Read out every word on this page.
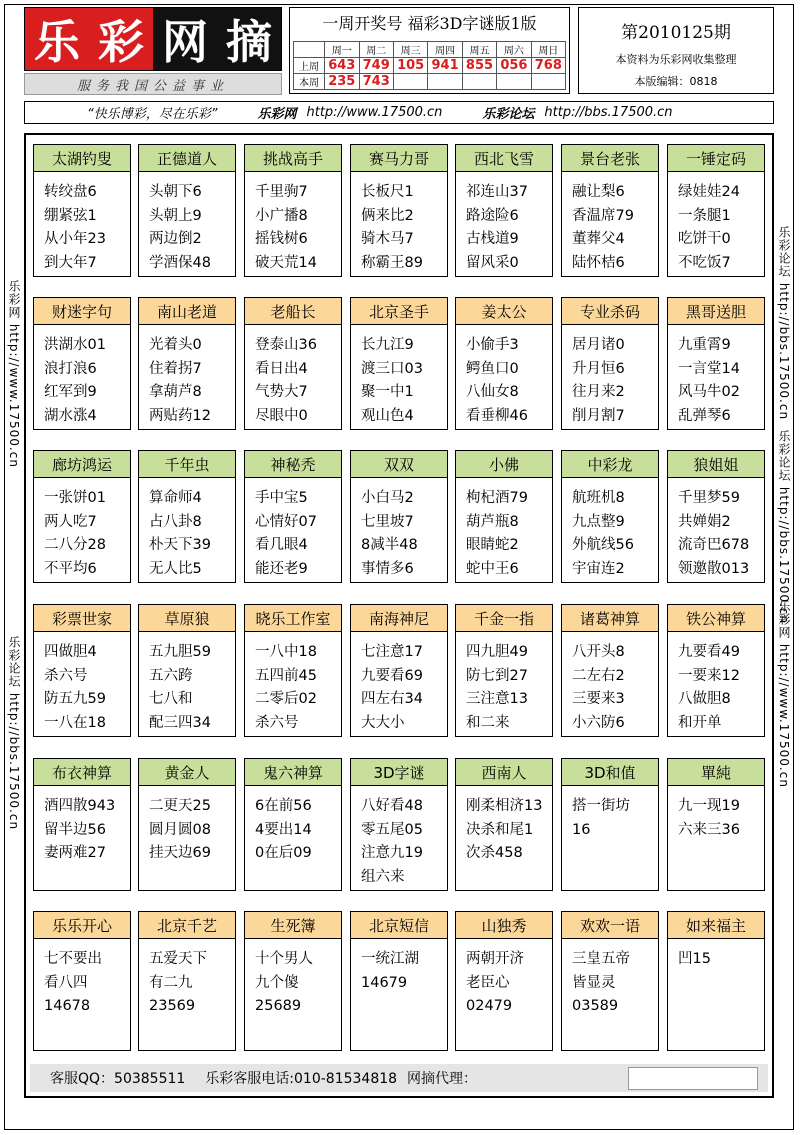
乐 彩 网 摘
服务我国公益事业
一周开奖号 福彩3D字谜版1版
周一	周二	周三	周四	周五	周六	周日
上周 643 749 105 941 855 056 768
本周 235 743
第2010125期
本资料为乐彩网收集整理
本版编辑：0818
“快乐博彩，尽在乐彩”	乐彩网 http://www.17500.cn	乐彩论坛 http://bbs.17500.cn
乐彩网 http://www.17500.cn
乐彩论坛 http://bbs.17500.cn
乐彩论坛 http://bbs.17500.cn
乐彩论坛 http://bbs.17500.cn
乐彩网 http://www.17500.cn
太湖钓叟
转绞盘6
绷紧弦1
从小年23
到大年7
正德道人
头朝下6
头朝上9
两边倒2
学酒保48
挑战高手
千里驹7
小广播8
摇钱树6
破天荒14
赛马力哥
长板尺1
俩来比2
骑木马7
称霸王89
西北飞雪
祁连山37
路途险6
古栈道9
留风采0
景台老张
融让梨6
香温席79
董葬父4
陆怀桔6
一锤定码
绿娃娃24
一条腿1
吃饼干0
不吃饭7
财迷字句
洪湖水01
浪打浪6
红军到9
湖水涨4
南山老道
光着头0
住着拐7
拿葫芦8
两贴药12
老船长
登泰山36
看日出4
气势大7
尽眼中0
北京圣手
长九江9
渡三口03
聚一中1
观山色4
姜太公
小偷手3
鳄鱼口0
八仙女8
看垂柳46
专业杀码
居月诸0
升月恒6
往月来2
削月割7
黑哥送胆
九重霄9
一言堂14
风马牛02
乱弹琴6
廊坊鸿运
一张饼01
两人吃7
二八分28
不平均6
千年虫
算命师4
占八卦8
朴天下39
无人比5
神秘秃
手中宝5
心情好07
看几眼4
能还老9
双双
小白马2
七里坡7
8减半48
事情多6
小佛
枸杞酒79
葫芦瓶8
眼睛蛇2
蛇中王6
中彩龙
航班机8
九点整9
外航线56
宇宙连2
狼姐姐
千里梦59
共婵娟2
流奇巴678
领邀散013
彩票世家
四做胆4
杀六号
防五九59
一八在18
草原狼
五九胆59
五六跨
七八和
配三四34
晓乐工作室
一八中18
五四前45
二零后02
杀六号
南海神尼
七注意17
九要看69
四左右34
大大小
千金一指
四九胆49
防七到27
三注意13
和二来
诸葛神算
八开头8
二左右2
三要来3
小六防6
铁公神算
九要看49
一要来12
八做胆8
和开单
布衣神算
酒四散943
留半边56
妻两难27
黄金人
二更天25
圆月圆08
挂天边69
鬼六神算
6在前56
4要出14
0在后09
3D字谜
八好看48
零五尾05
注意九19
组六来
西南人
刚柔相济13
决杀和尾1
次杀458
3D和值
搭一街坊
16
單純
九一现19
六来三36
乐乐开心
七不要出
看八四
14678
北京千艺
五爱天下
有二九
23569
生死簿
十个男人
九个傻
25689
北京短信
一统江湖
14679
山独秀
两朝开济
老臣心
02479
欢欢一语
三皇五帝
皆显灵
03589
如来福主
凹15
客服QQ：50385511 乐彩客服电话:010-81534818 网摘代理：
